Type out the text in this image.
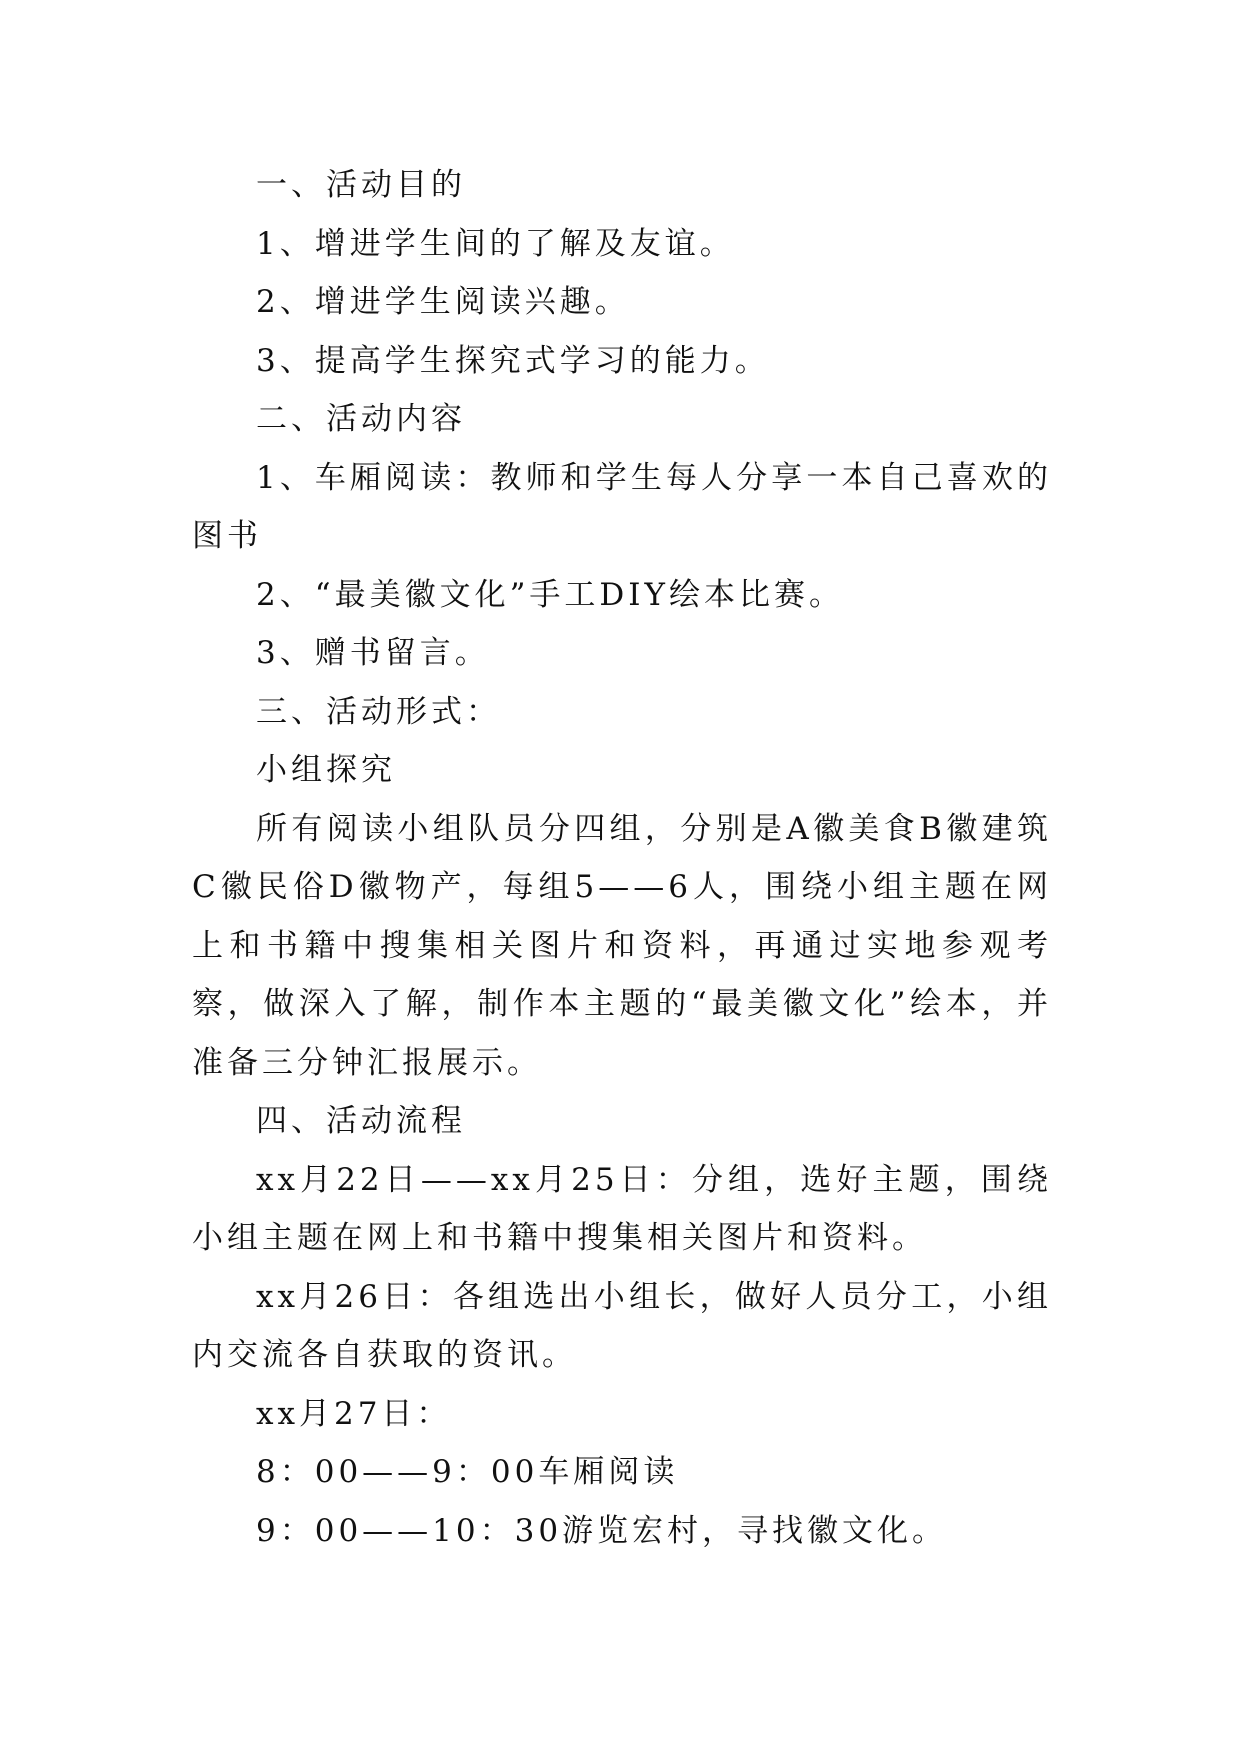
一、活动目的

1、增进学生间的了解及友谊。

2、增进学生阅读兴趣。

3、提高学生探究式学习的能力。

二、活动内容

1、车厢阅读：教师和学生每人分享一本自己喜欢的图书

2、“最美徽文化”手工DIY绘本比赛。

3、赠书留言。

三、活动形式：

小组探究

所有阅读小组队员分四组，分别是A徽美食B徽建筑C徽民俗D徽物产，每组5——6人，围绕小组主题在网上和书籍中搜集相关图片和资料，再通过实地参观考察，做深入了解，制作本主题的“最美徽文化”绘本，并准备三分钟汇报展示。

四、活动流程

xx月22日——xx月25日：分组，选好主题，围绕小组主题在网上和书籍中搜集相关图片和资料。

xx月26日：各组选出小组长，做好人员分工，小组内交流各自获取的资讯。

xx月27日：

8：00——9：00车厢阅读

9：00——10：30游览宏村，寻找徽文化。
